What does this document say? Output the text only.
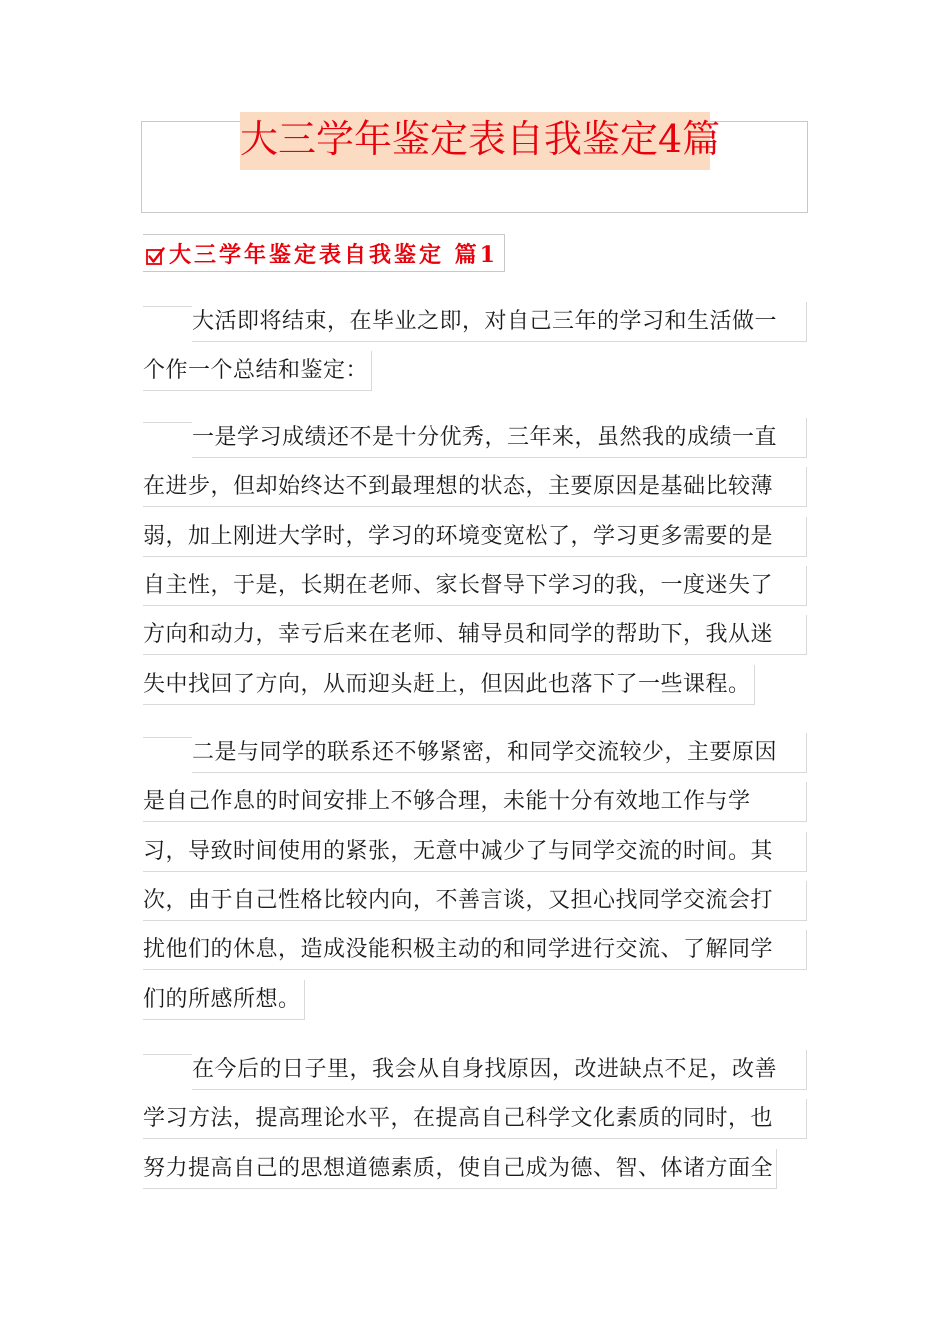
大三学年鉴定表自我鉴定4篇
大三学年鉴定表自我鉴定 篇1
大活即将结束，在毕业之即，对自己三年的学习和生活做一
个作一个总结和鉴定：
一是学习成绩还不是十分优秀，三年来，虽然我的成绩一直
在进步，但却始终达不到最理想的状态，主要原因是基础比较薄
弱，加上刚进大学时，学习的环境变宽松了，学习更多需要的是
自主性，于是，长期在老师、家长督导下学习的我，一度迷失了
方向和动力，幸亏后来在老师、辅导员和同学的帮助下，我从迷
失中找回了方向，从而迎头赶上，但因此也落下了一些课程。
二是与同学的联系还不够紧密，和同学交流较少，主要原因
是自己作息的时间安排上不够合理，未能十分有效地工作与学
习，导致时间使用的紧张，无意中减少了与同学交流的时间。其
次，由于自己性格比较内向，不善言谈，又担心找同学交流会打
扰他们的休息，造成没能积极主动的和同学进行交流、了解同学
们的所感所想。
在今后的日子里，我会从自身找原因，改进缺点不足，改善
学习方法，提高理论水平，在提高自己科学文化素质的同时，也
努力提高自己的思想道德素质，使自己成为德、智、体诸方面全
